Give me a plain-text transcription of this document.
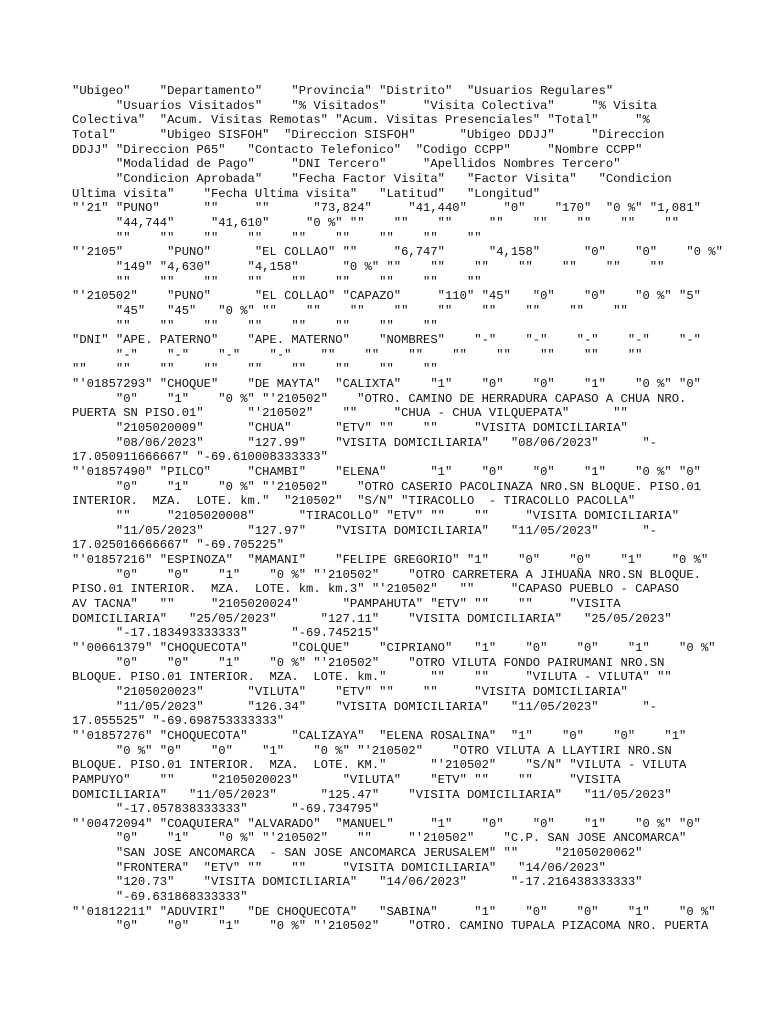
"Ubigeo"    "Departamento"    "Provincia" "Distrito"  "Usuarios Regulares"
"Usuarios Visitados"    "% Visitados"     "Visita Colectiva"     "% Visita
Colectiva"  "Acum. Visitas Remotas" "Acum. Visitas Presenciales" "Total"     "%
Total"      "Ubigeo SISFOH"  "Direccion SISFOH"      "Ubigeo DDJJ"     "Direccion
DDJJ" "Direccion P65"   "Contacto Telefonico"  "Codigo CCPP"     "Nombre CCPP"
"Modalidad de Pago"     "DNI Tercero"     "Apellidos Nombres Tercero"
"Condicion Aprobada"    "Fecha Factor Visita"   "Factor Visita"   "Condicion
Ultima visita"    "Fecha Ultima visita"   "Latitud"   "Longitud"
"'21" "PUNO"      ""     ""      "73,824"     "41,440"     "0"    "170"  "0 %" "1,081"
"44,744"     "41,610"     "0 %" ""    ""    ""     ""    ""    ""    ""    ""
""    ""    ""    ""    ""    ""    ""    ""    ""
"'2105"      "PUNO"      "EL COLLAO" ""     "6,747"      "4,158"      "0"    "0"    "0 %"
"149" "4,630"     "4,158"      "0 %" ""    ""    ""    ""    ""    ""    ""
""    ""    ""    ""    ""    ""    ""    ""    ""
"'210502"    "PUNO"      "EL COLLAO" "CAPAZO"     "110" "45"   "0"    "0"    "0 %" "5"
"45"   "45"   "0 %" ""    ""    ""    ""    ""    ""    ""    ""    ""
""    ""    ""    ""    ""    ""    ""    ""
"DNI" "APE. PATERNO"    "APE. MATERNO"    "NOMBRES"    "-"    "-"    "-"    "-"    "-"
"-"    "-"    "-"    "-"    ""    ""    ""    ""    ""    ""    ""    ""
""    ""    ""    ""    ""    ""    ""    ""    ""
"'01857293" "CHOQUE"    "DE MAYTA"  "CALIXTA"    "1"    "0"    "0"    "1"    "0 %" "0"
"0"    "1"    "0 %" "'210502"    "OTRO. CAMINO DE HERRADURA CAPASO A CHUA NRO.
PUERTA SN PISO.01"      "'210502"    ""     "CHUA - CHUA VILQUEPATA"      ""
"2105020009"      "CHUA"      "ETV" ""    ""     "VISITA DOMICILIARIA"
"08/06/2023"      "127.99"    "VISITA DOMICILIARIA"   "08/06/2023"      "-
17.050911666667" "-69.610008333333"
"'01857490" "PILCO"     "CHAMBI"    "ELENA"      "1"    "0"    "0"    "1"    "0 %" "0"
"0"    "1"    "0 %" "'210502"    "OTRO CASERIO PACOLINAZA NRO.SN BLOQUE. PISO.01
INTERIOR.  MZA.  LOTE. km."  "210502"  "S/N" "TIRACOLLO  - TIRACOLLO PACOLLA"
""     "2105020008"      "TIRACOLLO" "ETV" ""    ""     "VISITA DOMICILIARIA"
"11/05/2023"      "127.97"    "VISITA DOMICILIARIA"   "11/05/2023"      "-
17.025016666667" "-69.705225"
"'01857216" "ESPINOZA"  "MAMANI"    "FELIPE GREGORIO" "1"    "0"    "0"    "1"    "0 %"
"0"    "0"    "1"    "0 %" "'210502"    "OTRO CARRETERA A JIHUAÑA NRO.SN BLOQUE.
PISO.01 INTERIOR.  MZA.  LOTE. km. km.3" "'210502"   ""     "CAPASO PUEBLO - CAPASO
AV TACNA"   ""     "2105020024"      "PAMPAHUTA" "ETV" ""    ""     "VISITA
DOMICILIARIA"   "25/05/2023"      "127.11"    "VISITA DOMICILIARIA"   "25/05/2023"
"-17.183493333333"      "-69.745215"
"'00661379" "CHOQUECOTA"      "COLQUE"    "CIPRIANO"   "1"    "0"    "0"    "1"    "0 %"
"0"    "0"    "1"    "0 %" "'210502"    "OTRO VILUTA FONDO PAIRUMANI NRO.SN
BLOQUE. PISO.01 INTERIOR.  MZA.  LOTE. km."      ""    ""     "VILUTA - VILUTA" ""
"2105020023"      "VILUTA"    "ETV" ""    ""     "VISITA DOMICILIARIA"
"11/05/2023"      "126.34"    "VISITA DOMICILIARIA"   "11/05/2023"      "-
17.055525" "-69.698753333333"
"'01857276" "CHOQUECOTA"      "CALIZAYA"  "ELENA ROSALINA"  "1"    "0"    "0"    "1"
"0 %" "0"    "0"    "1"    "0 %" "'210502"    "OTRO VILUTA A LLAYTIRI NRO.SN
BLOQUE. PISO.01 INTERIOR.  MZA.  LOTE. KM."      "'210502"    "S/N" "VILUTA - VILUTA
PAMPUYO"    ""     "2105020023"      "VILUTA"    "ETV" ""    ""     "VISITA
DOMICILIARIA"   "11/05/2023"      "125.47"    "VISITA DOMICILIARIA"   "11/05/2023"
"-17.057838333333"      "-69.734795"
"'00472094" "COAQUIERA" "ALVARADO"  "MANUEL"     "1"    "0"    "0"    "1"    "0 %" "0"
"0"    "1"    "0 %" "'210502"    ""     "'210502"    "C.P. SAN JOSE ANCOMARCA"
"SAN JOSE ANCOMARCA  - SAN JOSE ANCOMARCA JERUSALEM" ""     "2105020062"
"FRONTERA"  "ETV" ""    ""     "VISITA DOMICILIARIA"   "14/06/2023"
"120.73"    "VISITA DOMICILIARIA"   "14/06/2023"      "-17.216438333333"
"-69.631868333333"
"'01812211" "ADUVIRI"   "DE CHOQUECOTA"   "SABINA"     "1"    "0"    "0"    "1"    "0 %"
"0"    "0"    "1"    "0 %" "'210502"    "OTRO. CAMINO TUPALA PIZACOMA NRO. PUERTA
